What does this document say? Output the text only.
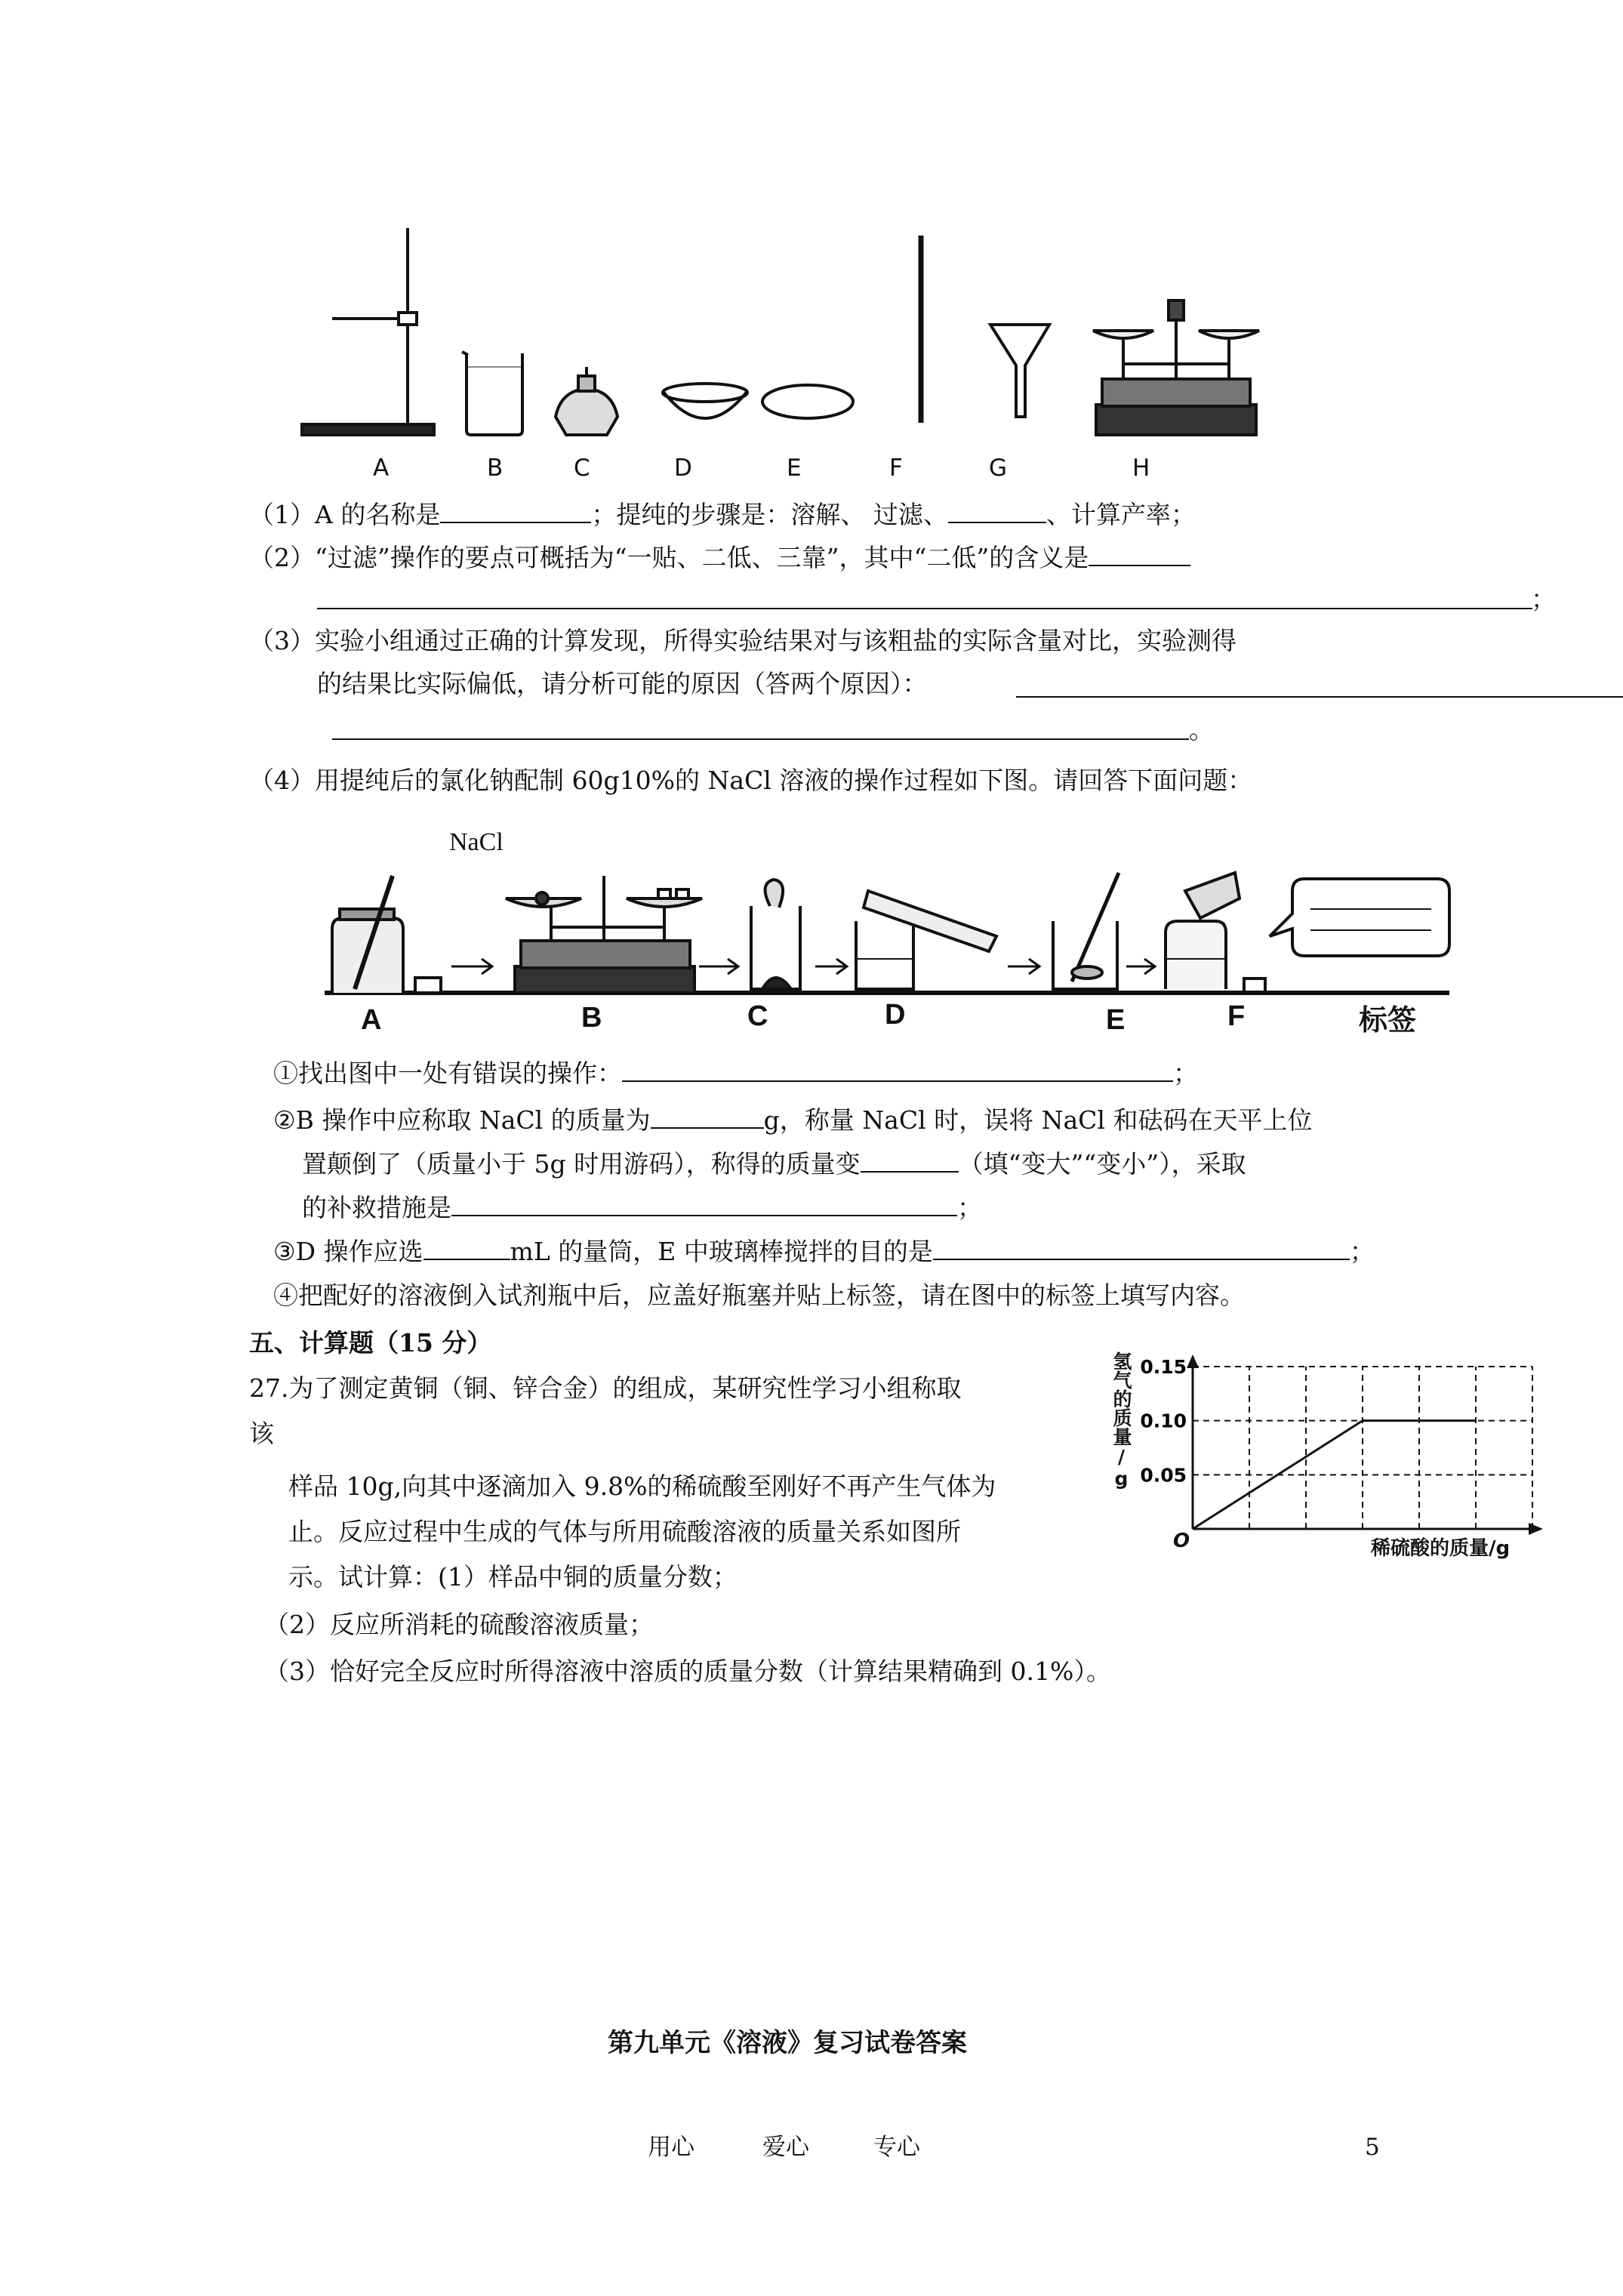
A	B	C	D	E	F	G	H
（1）A 的名称是	；提纯的步骤是：溶解、 过滤、	、计算产率；
（2）“过滤”操作的要点可概括为“一贴、二低、三靠”，其中“二低”的含义是
；
（3）实验小组通过正确的计算发现，所得实验结果对与该粗盐的实际含量对比，实验测得
的结果比实际偏低，请分析可能的原因（答两个原因）：
。
（4）用提纯后的氯化钠配制 60g10%的 NaCl 溶液的操作过程如下图。请回答下面问题：
NaCl
A	B	C	D	E	F	标签
①找出图中一处有错误的操作：	；
②B 操作中应称取 NaCl 的质量为	g，称量 NaCl 时，误将 NaCl 和砝码在天平上位
置颠倒了（质量小于 5g 时用游码），称得的质量变	（填“变大”“变小”），采取
的补救措施是	；
③D 操作应选	mL 的量筒，E 中玻璃棒搅拌的目的是	；
④把配好的溶液倒入试剂瓶中后，应盖好瓶塞并贴上标签，请在图中的标签上填写内容。
五、计算题（15 分）
27.为了测定黄铜（铜、锌合金）的组成，某研究性学习小组称取
该
样品 10g,向其中逐滴加入 9.8%的稀硫酸至刚好不再产生气体为
止。反应过程中生成的气体与所用硫酸溶液的质量关系如图所
示。试计算：(1）样品中铜的质量分数；
（2）反应所消耗的硫酸溶液质量；
（3）恰好完全反应时所得溶液中溶质的质量分数（计算结果精确到 0.1%）。
0.15
0.10
0.05
氢气的质量/g
O	稀硫酸的质量/g
第九单元《溶液》复习试卷答案
用心	爱心	专心	5
